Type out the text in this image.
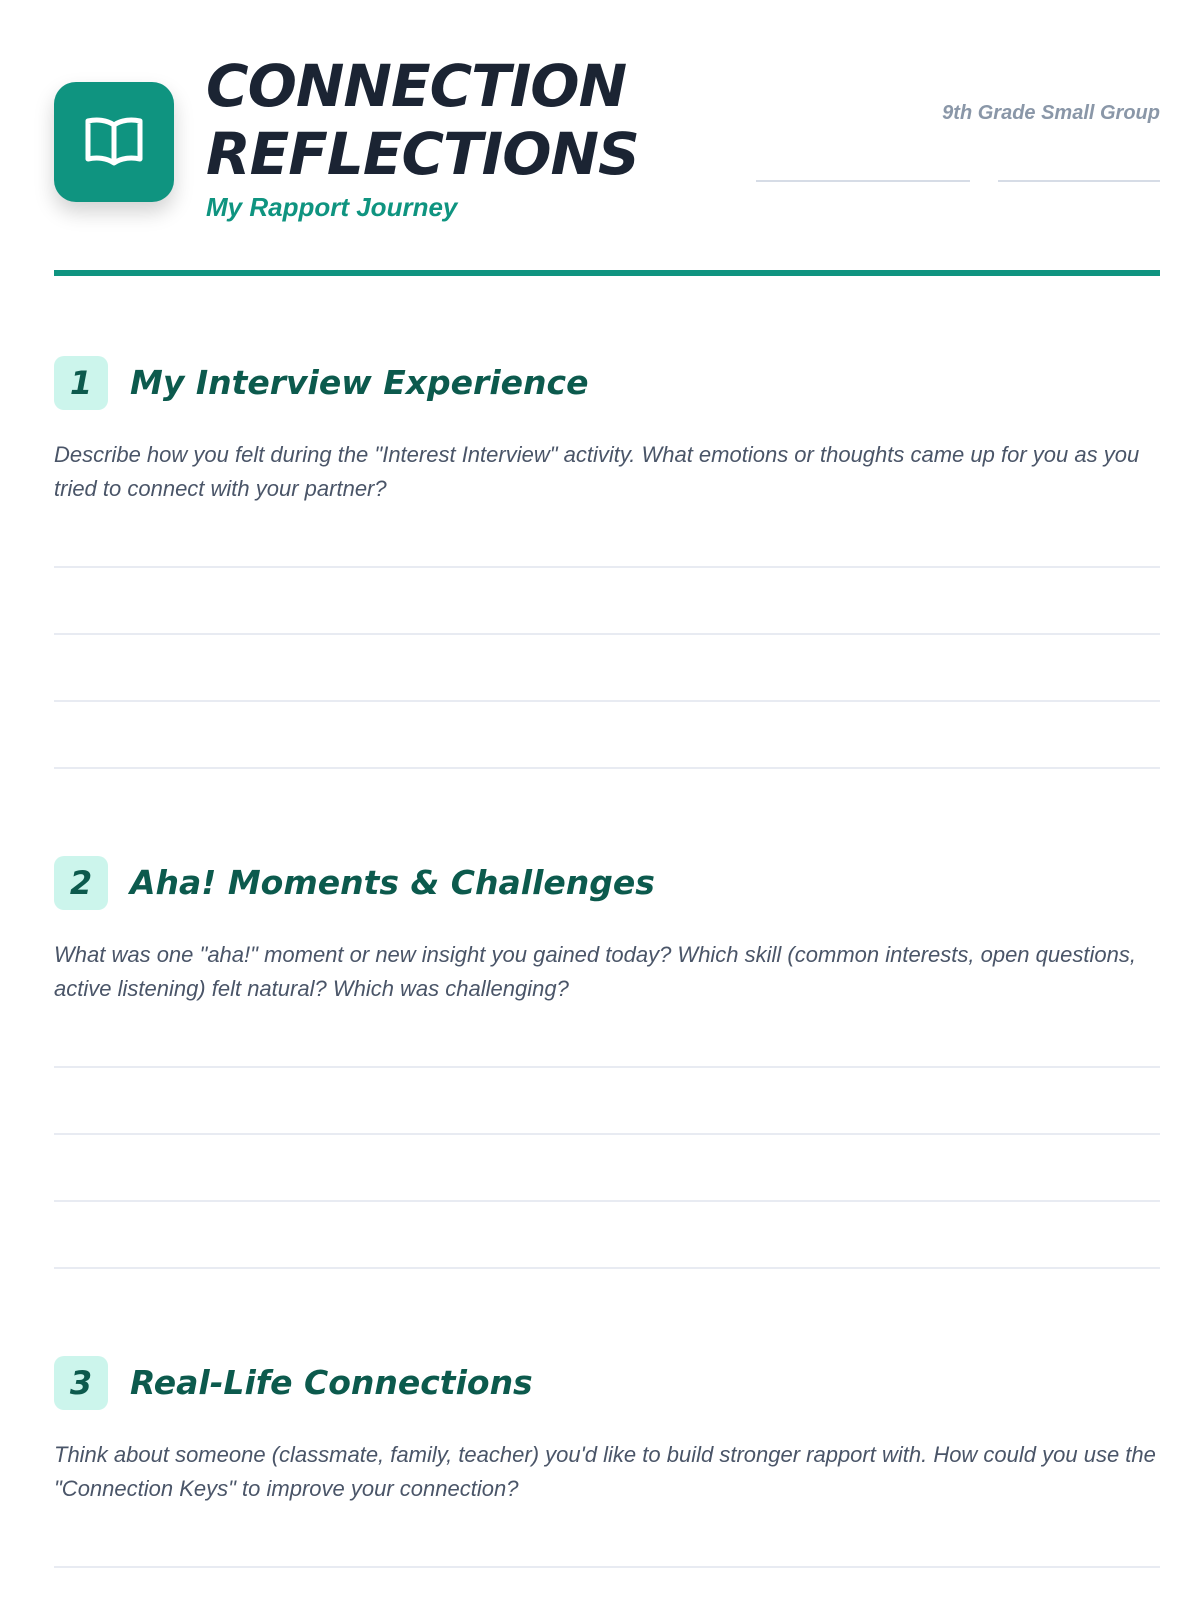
CONNECTION
REFLECTIONS
My Rapport Journey
9th Grade Small Group
1	My Interview Experience

Describe how you felt during the "Interest Interview" activity. What emotions or thoughts came up for you as you tried to connect with your partner?

2	Aha! Moments & Challenges

What was one "aha!" moment or new insight you gained today? Which skill (common interests, open questions, active listening) felt natural? Which was challenging?

3	Real-Life Connections

Think about someone (classmate, family, teacher) you'd like to build stronger rapport with. How could you use the "Connection Keys" to improve your connection?
